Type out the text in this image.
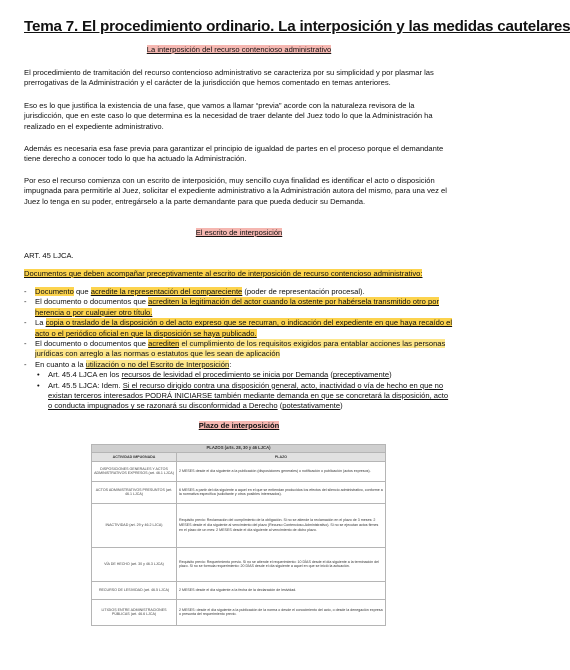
Tema 7. El procedimiento ordinario. La interposición y las medidas cautelares
La interposición del recurso contencioso administrativo
El procedimiento de tramitación del recurso contencioso administrativo se caracteriza por su simplicidad y por plasmar las prerrogativas de la Administración y el carácter de la jurisdicción que hemos comentado en temas anteriores.
Eso es lo que justifica la existencia de una fase, que vamos a llamar “previa” acorde con la naturaleza revisora de la jurisdicción, que en este caso lo que determina es la necesidad de traer delante del Juez todo lo que la Administración ha realizado en el expediente administrativo.
Además es necesaria esa fase previa para garantizar el principio de igualdad de partes en el proceso porque el demandante tiene derecho a conocer todo lo que ha actuado la Administración.
Por eso el recurso comienza con un escrito de interposición, muy sencillo cuya finalidad es identificar el acto o disposición impugnada para permitirle al Juez, solicitar el expediente administrativo a la Administración autora del mismo, para una vez el Juez lo tenga en su poder, entregárselo a la parte demandante para que pueda deducir su Demanda.
El escrito de interposición
ART. 45 LJCA.
Documentos que deben acompañar preceptivamente al escrito de interposición de recurso contencioso administrativo:
- Documento que acredite la representación del compareciente (poder de representación procesal).
- El documento o documentos que acrediten la legitimación del actor cuando la ostente por habérsela transmitido otro por herencia o por cualquier otro título.
- La copia o traslado de la disposición o del acto expreso que se recurran, o indicación del expediente en que haya recaído el acto o el periódico oficial en que la disposición se haya publicado.
- El documento o documentos que acrediten el cumplimiento de los requisitos exigidos para entablar acciones las personas jurídicas con arreglo a las normas o estatutos que les sean de aplicación
- En cuanto a la utilización o no del Escrito de Interposición:
• Art. 45.4 LJCA en los recursos de lesividad el procedimiento se inicia por Demanda (preceptivamente)
• Art. 45.5 LJCA: Idem. Si el recurso dirigido contra una disposición general, acto, inactividad o vía de hecho en que no existan terceros interesados PODRÁ INICIARSE también mediante demanda en que se concretará la disposición, acto o conducta impugnados y se razonará su disconformidad a Derecho (potestativamente)
Plazo de interposición
PLAZOS (arts. 28, 30 y 46 LJCA)	
ACTIVIDAD IMPUGNADA	PLAZO
DISPOSICIONES GENERALES Y ACTOS ADMINISTRATIVOS EXPRESOS (art. 46.1 LJCA)	2 MESES desde el día siguiente a la publicación (disposiciones generales) o notificación o publicación (actos expresos).
ACTOS ADMINISTRATIVOS PRESUNTOS (art. 46.1 LJCA)	6 MESES a partir del día siguiente a aquel en el que se entiendan producidos los efectos del silencio administrativo, conforme a la normativa específica (solicitante y otros posibles interesados).
INACTIVIDAD (art. 29 y 46.2 LJCA)	Requisito previo: Reclamación del cumplimiento de la obligación. Si no se atiende la reclamación en el plazo de 3 meses: 2 MESES desde el día siguiente al vencimiento del plazo (Recurso Contencioso-Administrativo). Si no se ejecutan actos firmes en el plazo de un mes: 2 MESES desde el día siguiente al vencimiento de dicho plazo.
VÍA DE HECHO (art. 30 y 46.3 LJCA)	Requisito previo: Requerimiento previo. Si no se atiende el requerimiento: 10 DÍAS desde el día siguiente a la terminación del plazo. Si no se formula requerimiento: 20 DÍAS desde el día siguiente a aquel en que se inició la actuación.
RECURSO DE LESIVIDAD (art. 46.5 LJCA)	2 MESES desde el día siguiente a la fecha de la declaración de lesividad.
LITIGIOS ENTRE ADMINISTRACIONES PÚBLICAS (art. 46.6 LJCA)	2 MESES: desde el día siguiente a la publicación de la norma o desde el conocimiento del acto, o desde la denegación expresa o presunta del requerimiento previo.
